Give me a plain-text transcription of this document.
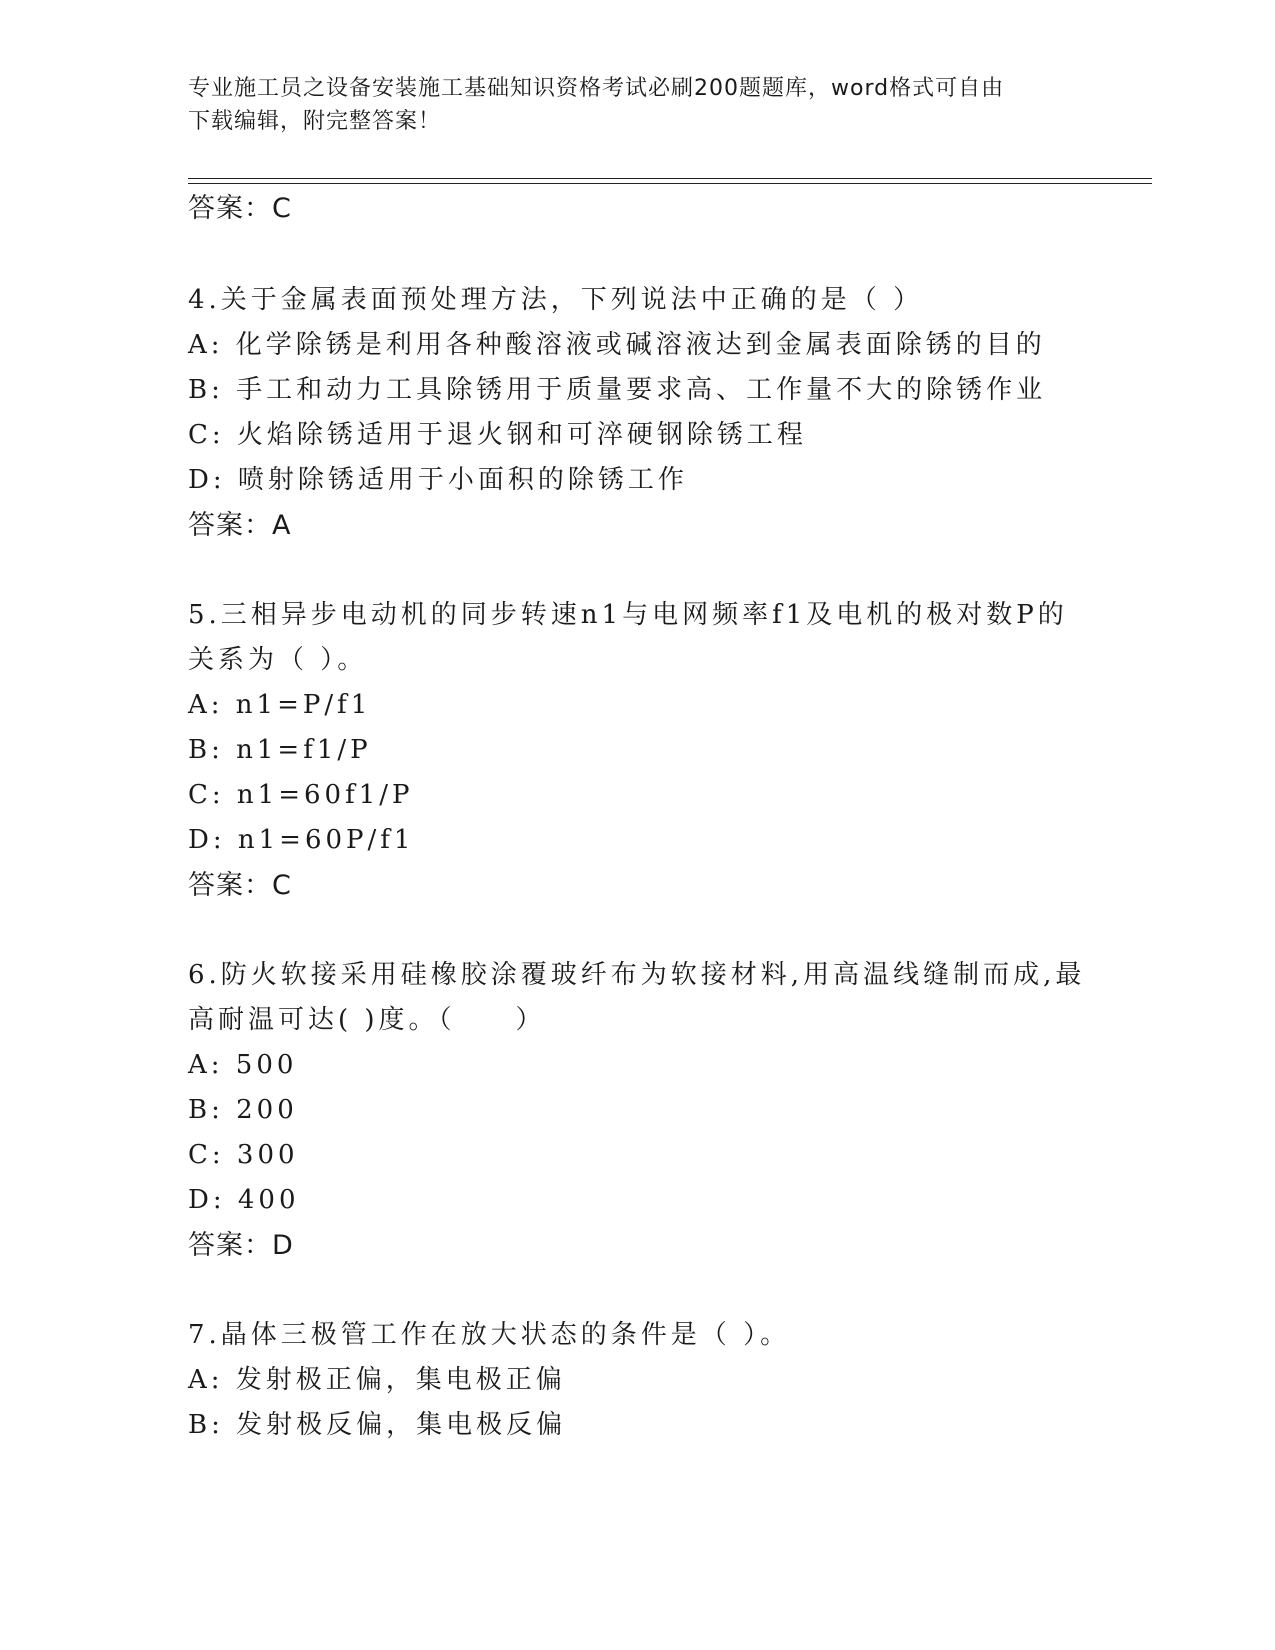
专业施工员之设备安装施工基础知识资格考试必刷200题题库，word格式可自由
下载编辑，附完整答案！
答案：C
4.关于金属表面预处理方法，下列说法中正确的是（ ）
A: 化学除锈是利用各种酸溶液或碱溶液达到金属表面除锈的目的
B: 手工和动力工具除锈用于质量要求高、工作量不大的除锈作业
C: 火焰除锈适用于退火钢和可淬硬钢除锈工程
D: 喷射除锈适用于小面积的除锈工作
答案：A
5.三相异步电动机的同步转速n1与电网频率f1及电机的极对数P的
关系为（ ）。
A: n1=P/f1
B: n1=f1/P
C: n1=60f1/P
D: n1=60P/f1
答案：C
6.防火软接采用硅橡胶涂覆玻纤布为软接材料,用高温线缝制而成,最
高耐温可达( )度。（　　）
A: 500
B: 200
C: 300
D: 400
答案：D
7.晶体三极管工作在放大状态的条件是（ ）。
A: 发射极正偏，集电极正偏
B: 发射极反偏，集电极反偏
